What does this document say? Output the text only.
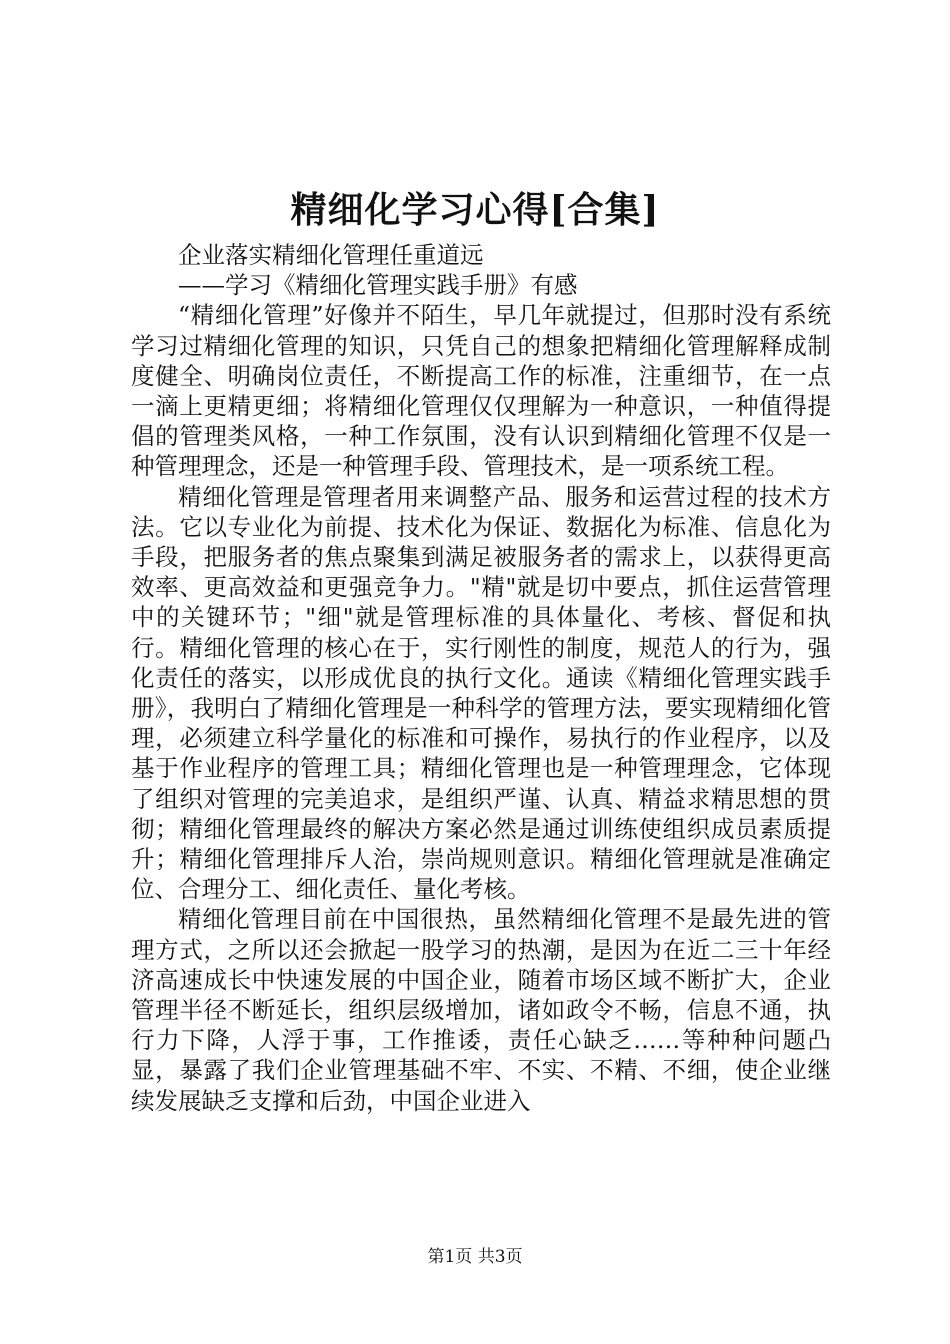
精细化学习心得[合集]

企业落实精细化管理任重道远

——学习《精细化管理实践手册》有感

“精细化管理”好像并不陌生，早几年就提过，但那时没有系统学习过精细化管理的知识，只凭自己的想象把精细化管理解释成制度健全、明确岗位责任，不断提高工作的标准，注重细节，在一点一滴上更精更细；将精细化管理仅仅理解为一种意识，一种值得提倡的管理类风格，一种工作氛围，没有认识到精细化管理不仅是一种管理理念，还是一种管理手段、管理技术，是一项系统工程。

精细化管理是管理者用来调整产品、服务和运营过程的技术方法。它以专业化为前提、技术化为保证、数据化为标准、信息化为手段，把服务者的焦点聚集到满足被服务者的需求上，以获得更高效率、更高效益和更强竞争力。"精"就是切中要点，抓住运营管理中的关键环节；"细"就是管理标准的具体量化、考核、督促和执行。精细化管理的核心在于，实行刚性的制度，规范人的行为，强化责任的落实，以形成优良的执行文化。通读《精细化管理实践手册》，我明白了精细化管理是一种科学的管理方法，要实现精细化管理，必须建立科学量化的标准和可操作，易执行的作业程序，以及基于作业程序的管理工具；精细化管理也是一种管理理念，它体现了组织对管理的完美追求，是组织严谨、认真、精益求精思想的贯彻；精细化管理最终的解决方案必然是通过训练使组织成员素质提升；精细化管理排斥人治，崇尚规则意识。精细化管理就是准确定位、合理分工、细化责任、量化考核。

精细化管理目前在中国很热，虽然精细化管理不是最先进的管理方式，之所以还会掀起一股学习的热潮，是因为在近二三十年经济高速成长中快速发展的中国企业，随着市场区域不断扩大，企业管理半径不断延长，组织层级增加，诸如政令不畅，信息不通，执行力下降，人浮于事，工作推诿，责任心缺乏……等种种问题凸显，暴露了我们企业管理基础不牢、不实、不精、不细，使企业继续发展缺乏支撑和后劲，中国企业进入

第1页 共3页
